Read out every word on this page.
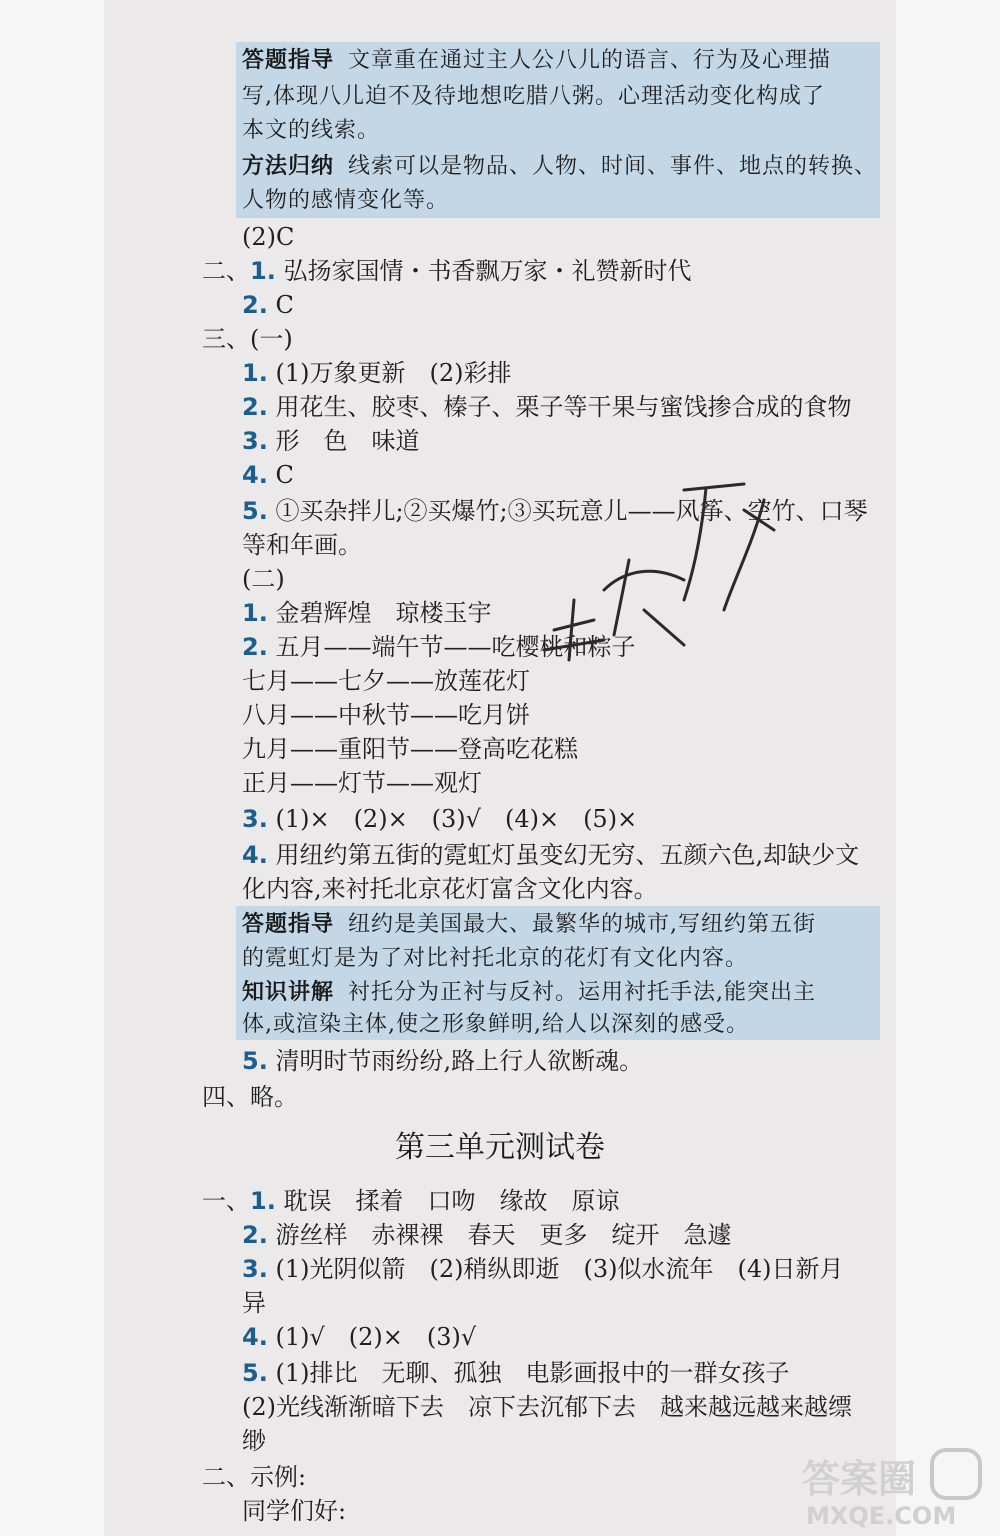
答题指导 文章重在通过主人公八儿的语言、行为及心理描
写,体现八儿迫不及待地想吃腊八粥。心理活动变化构成了
本文的线索。
方法归纳 线索可以是物品、人物、时间、事件、地点的转换、
人物的感情变化等。
(2)C
二、1. 弘扬家国情・书香飘万家・礼赞新时代
2. C
三、(一)
1. (1)万象更新　(2)彩排
2. 用花生、胶枣、榛子、栗子等干果与蜜饯掺合成的食物
3. 形　色　味道
4. C
5. ①买杂拌儿;②买爆竹;③买玩意儿——风筝、空竹、口琴
等和年画。
(二)
1. 金碧辉煌　琼楼玉宇
2. 五月——端午节——吃樱桃和粽子
七月——七夕——放莲花灯
八月——中秋节——吃月饼
九月——重阳节——登高吃花糕
正月——灯节——观灯
3. (1)×　(2)×　(3)√　(4)×　(5)×
4. 用纽约第五街的霓虹灯虽变幻无穷、五颜六色,却缺少文
化内容,来衬托北京花灯富含文化内容。
答题指导 纽约是美国最大、最繁华的城市,写纽约第五街
的霓虹灯是为了对比衬托北京的花灯有文化内容。
知识讲解 衬托分为正衬与反衬。运用衬托手法,能突出主
体,或渲染主体,使之形象鲜明,给人以深刻的感受。
5. 清明时节雨纷纷,路上行人欲断魂。
四、略。
第三单元测试卷
一、1. 耽误　揉着　口吻　缘故　原谅
2. 游丝样　赤裸裸　春天　更多　绽开　急遽
3. (1)光阴似箭　(2)稍纵即逝　(3)似水流年　(4)日新月
异
4. (1)√　(2)×　(3)√
5. (1)排比　无聊、孤独　电影画报中的一群女孩子
(2)光线渐渐暗下去　凉下去沉郁下去　越来越远越来越缥
缈
二、示例:
同学们好:
答案圈
MXQE.COM
